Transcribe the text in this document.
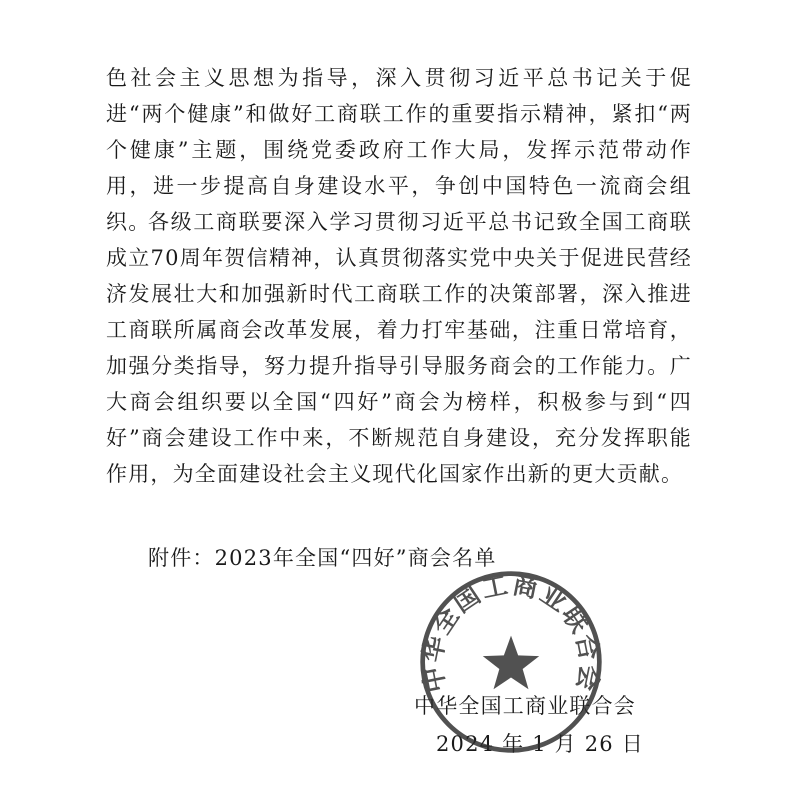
色社会主义思想为指导，深入贯彻习近平总书记关于促进“两个健康”和做好工商联工作的重要指示精神，紧扣“两个健康”主题，围绕党委政府工作大局，发挥示范带动作用，进一步提高自身建设水平，争创中国特色一流商会组织。

各级工商联要深入学习贯彻习近平总书记致全国工商联成立70周年贺信精神，认真贯彻落实党中央关于促进民营经济发展壮大和加强新时代工商联工作的决策部署，深入推进工商联所属商会改革发展，着力打牢基础，注重日常培育，加强分类指导，努力提升指导引导服务商会的工作能力。广大商会组织要以全国“四好”商会为榜样，积极参与到“四好”商会建设工作中来，不断规范自身建设，充分发挥职能作用，为全面建设社会主义现代化国家作出新的更大贡献。

附件：2023年全国“四好”商会名单
中华全国工商业联合会
2024 年 1 月 26 日
中华全国工商业联合会
